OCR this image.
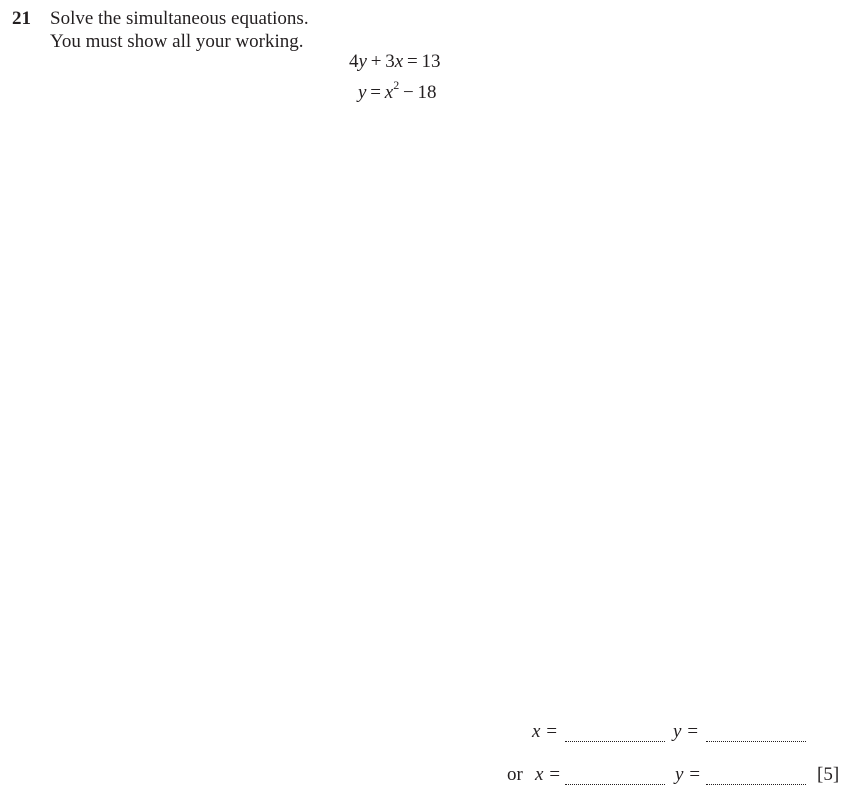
21 Solve the simultaneous equations.
You must show all your working.
4y + 3x = 13
$y = x^2 - 18$
x =	y =
or x =	y =	[5]
